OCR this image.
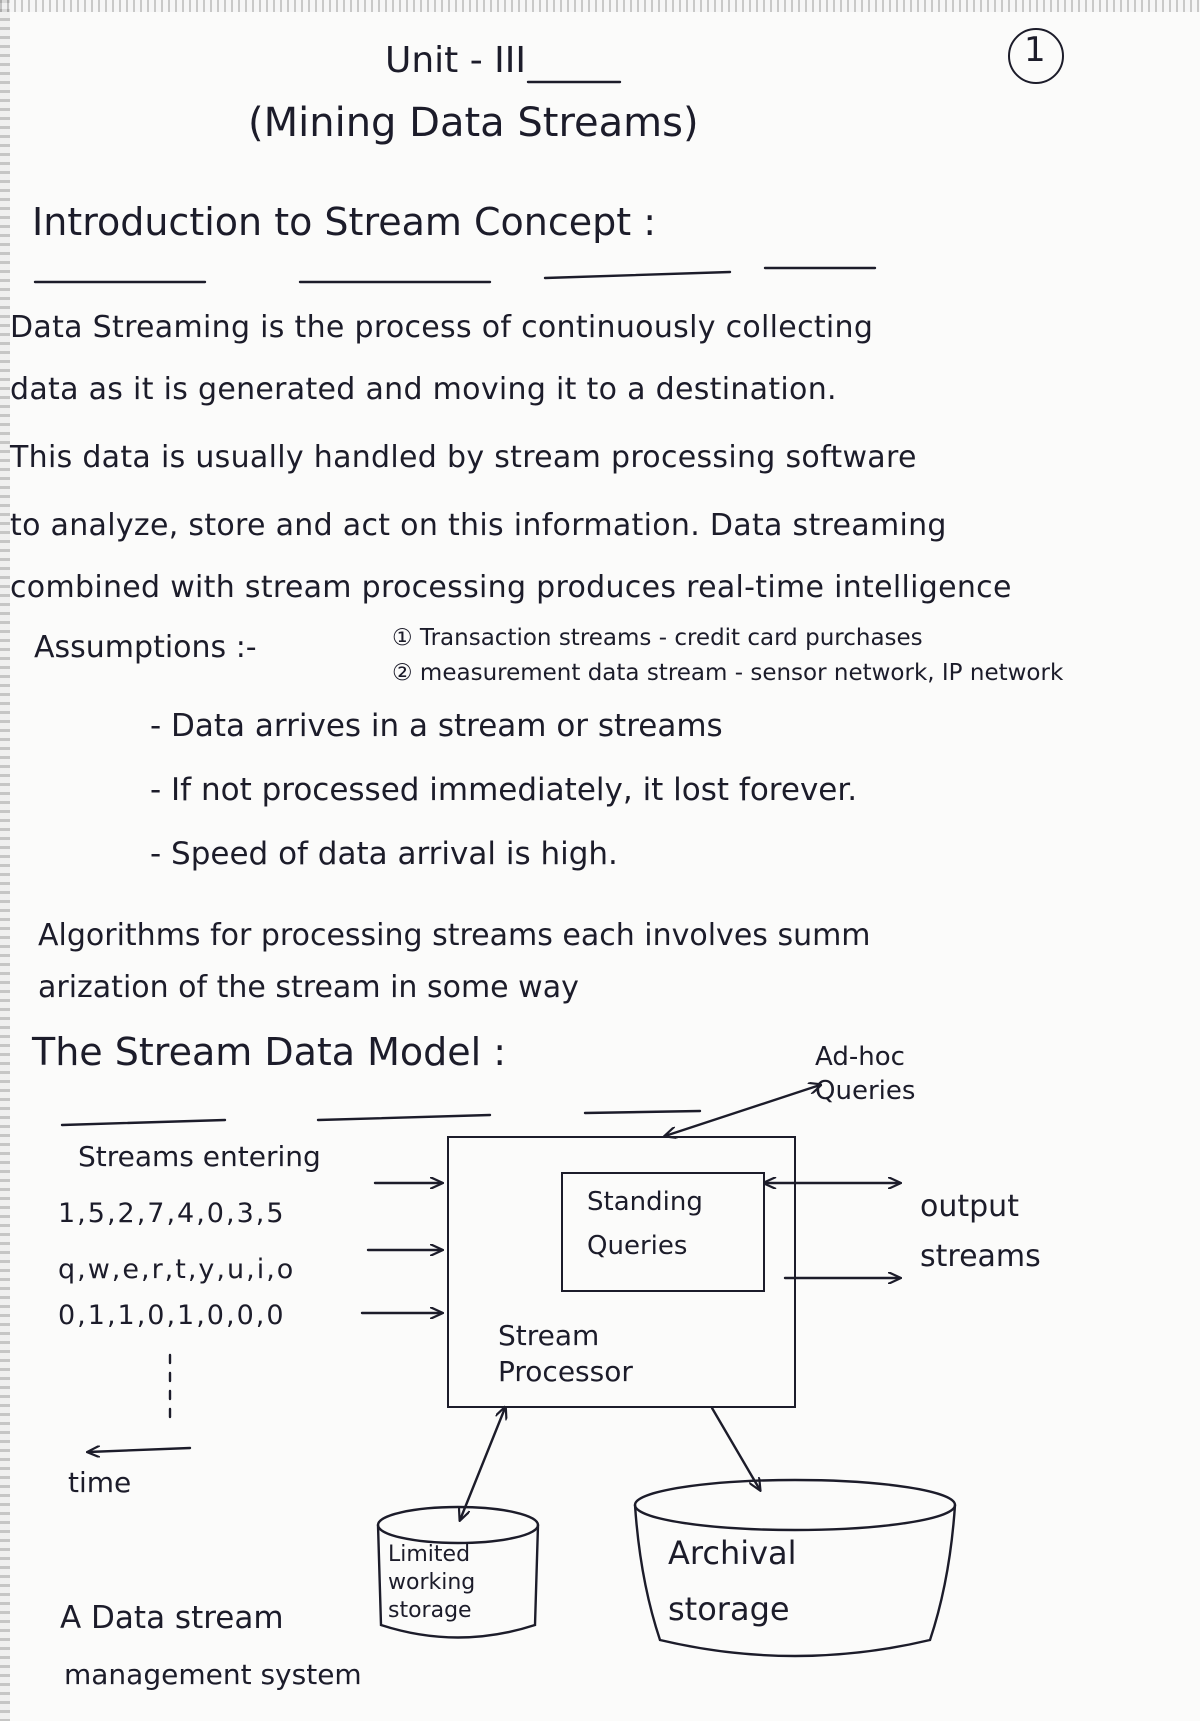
1
Unit - III
(Mining Data Streams)
Introduction to Stream Concept :
Data Streaming is the process of continuously collecting
data as it is generated and moving it to a destination.
This data is usually handled by stream processing software
to analyze, store and act on this information. Data streaming
combined with stream processing produces real-time intelligence
Assumptions :-	① Transaction streams - credit card purchases
② measurement data stream - sensor network, IP network
- Data arrives in a stream or streams
- If not processed immediately, it lost forever.
- Speed of data arrival is high.
Algorithms for processing streams each involves summ
arization of the stream in some way
The Stream Data Model :	Ad-hoc Queries
Streams entering
1,5,2,7,4,0,3,5
q,w,e,r,t,y,u,i,o
0,1,1,0,1,0,0,0
Standing Queries
Stream Processor
output streams
time
Limited working storage
Archival storage
A Data stream
management system
